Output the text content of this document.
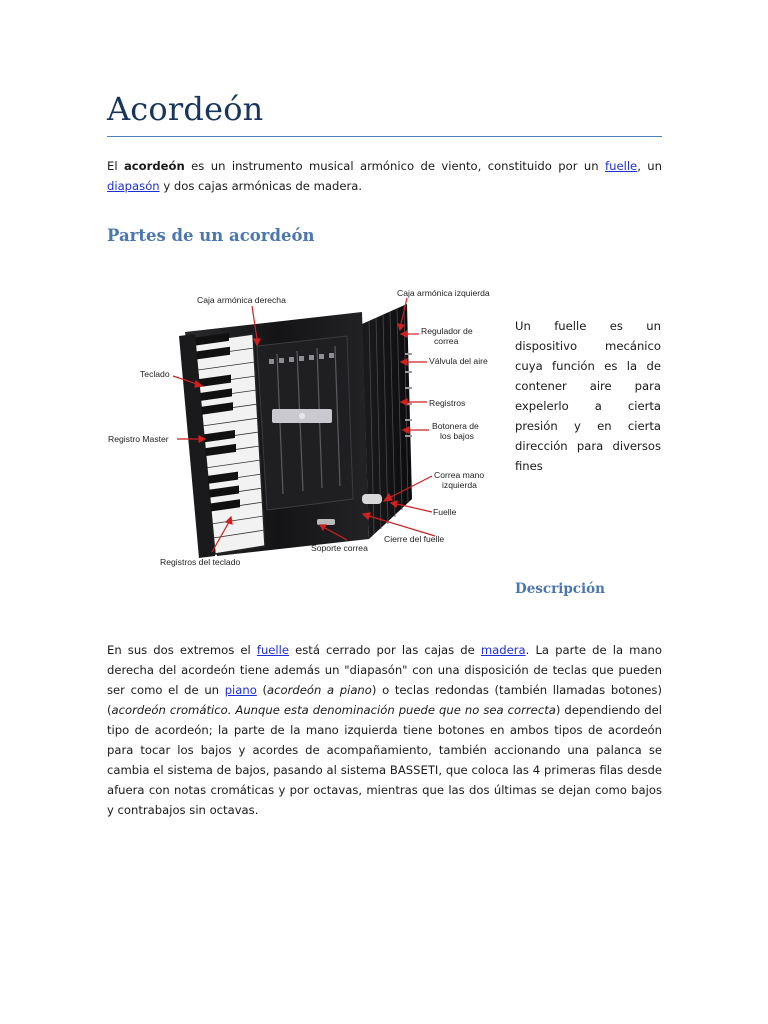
Acordeón

El acordeón es un instrumento musical armónico de viento, constituido por un fuelle, un diapasón y dos cajas armónicas de madera.

Partes de un acordeón
Caja armónica derecha
Caja armónica izquierda
Regulador de
correa
Válvula del aire
Teclado
Registros
Botonera de
los bajos
Registro Master
Correa mano
izquierda
Fuelle
Cierre del fuelle
Soporte correa
Registros del teclado

Un fuelle es un dispositivo mecánico cuya función es la de contener aire para expelerlo a cierta presión y en cierta dirección para diversos fines

Descripción

En sus dos extremos el fuelle está cerrado por las cajas de madera. La parte de la mano derecha del acordeón tiene además un "diapasón" con una disposición de teclas que pueden ser como el de un piano (acordeón a piano) o teclas redondas (también llamadas botones) (acordeón cromático. Aunque esta denominación puede que no sea correcta) dependiendo del tipo de acordeón; la parte de la mano izquierda tiene botones en ambos tipos de acordeón para tocar los bajos y acordes de acompañamiento, también accionando una palanca se cambia el sistema de bajos, pasando al sistema BASSETI, que coloca las 4 primeras filas desde afuera con notas cromáticas y por octavas, mientras que las dos últimas se dejan como bajos y contrabajos sin octavas.
